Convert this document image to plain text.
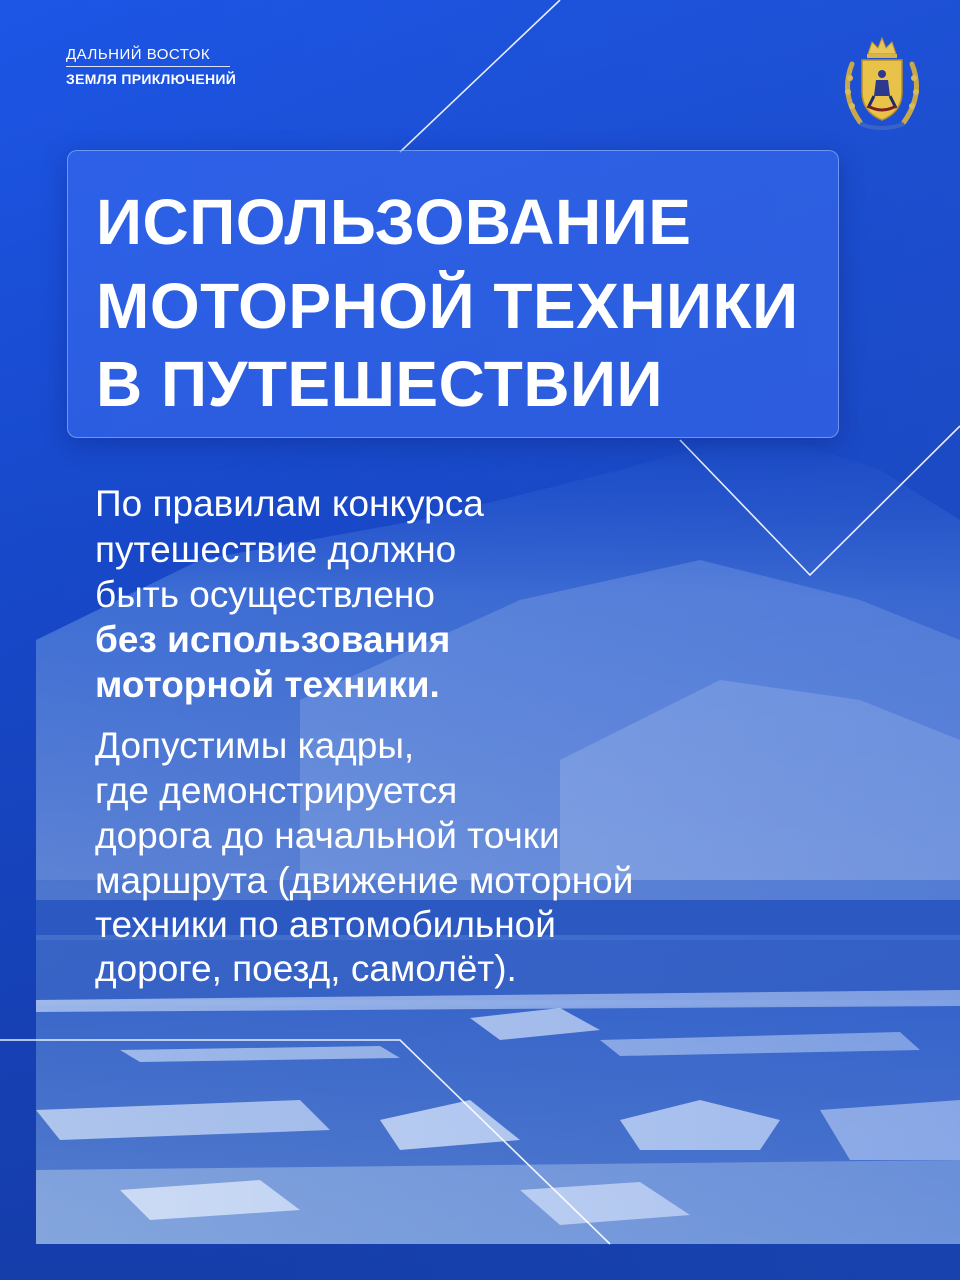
ДАЛЬНИЙ ВОСТОК
ЗЕМЛЯ ПРИКЛЮЧЕНИЙ
ИСПОЛЬЗОВАНИЕ
МОТОРНОЙ ТЕХНИКИ
В ПУТЕШЕСТВИИ
По правилам конкурса
путешествие должно
быть осуществлено
без использования
моторной техники.
Допустимы кадры,
где демонстрируется
дорога до начальной точки
маршрута (движение моторной
техники по автомобильной
дороге, поезд, самолёт).
